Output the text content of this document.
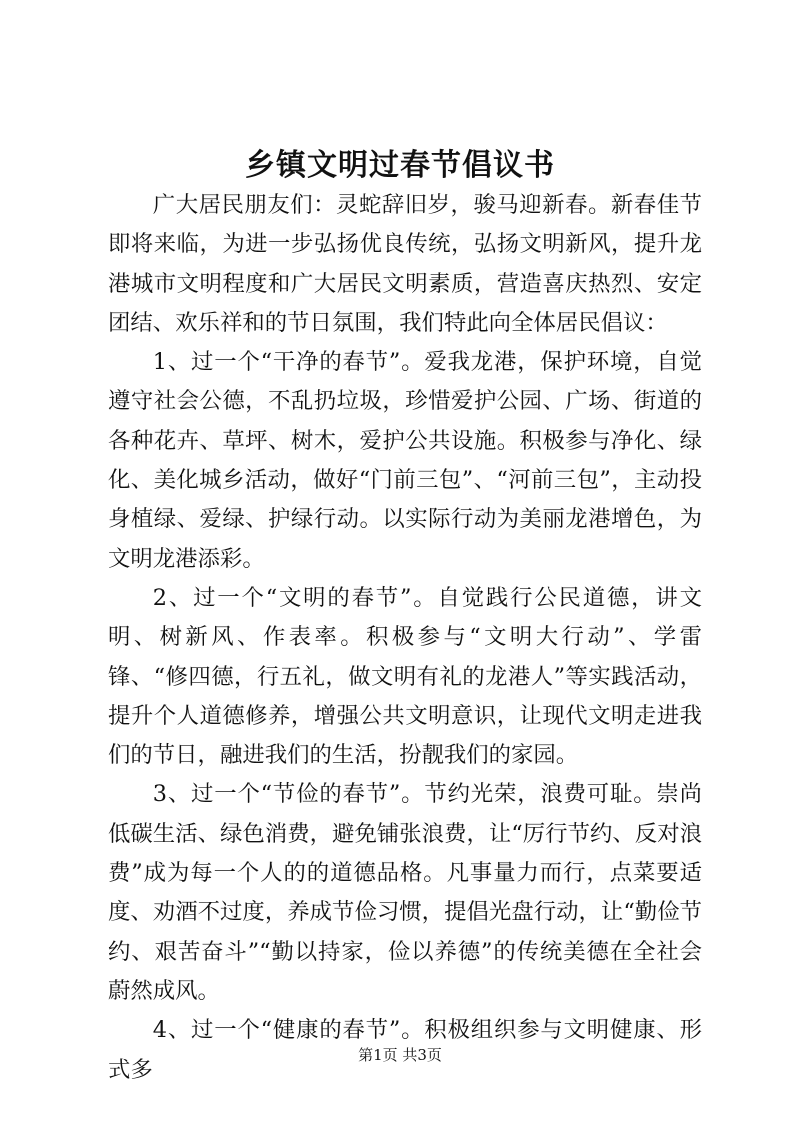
乡镇文明过春节倡议书

广大居民朋友们：灵蛇辞旧岁，骏马迎新春。新春佳节即将来临，为进一步弘扬优良传统，弘扬文明新风，提升龙港城市文明程度和广大居民文明素质，营造喜庆热烈、安定团结、欢乐祥和的节日氛围，我们特此向全体居民倡议：

1、过一个“干净的春节”。爱我龙港，保护环境，自觉遵守社会公德，不乱扔垃圾，珍惜爱护公园、广场、街道的各种花卉、草坪、树木，爱护公共设施。积极参与净化、绿化、美化城乡活动，做好“门前三包”、“河前三包”，主动投身植绿、爱绿、护绿行动。以实际行动为美丽龙港增色，为文明龙港添彩。

2、过一个“文明的春节”。自觉践行公民道德，讲文明、树新风、作表率。积极参与“文明大行动”、学雷锋、“修四德，行五礼，做文明有礼的龙港人”等实践活动，提升个人道德修养，增强公共文明意识，让现代文明走进我们的节日，融进我们的生活，扮靓我们的家园。

3、过一个“节俭的春节”。节约光荣，浪费可耻。崇尚低碳生活、绿色消费，避免铺张浪费，让“厉行节约、反对浪费”成为每一个人的的道德品格。凡事量力而行，点菜要适度、劝酒不过度，养成节俭习惯，提倡光盘行动，让“勤俭节约、艰苦奋斗”“勤以持家，俭以养德”的传统美德在全社会蔚然成风。

4、过一个“健康的春节”。积极组织参与文明健康、形式多

第1页 共3页
